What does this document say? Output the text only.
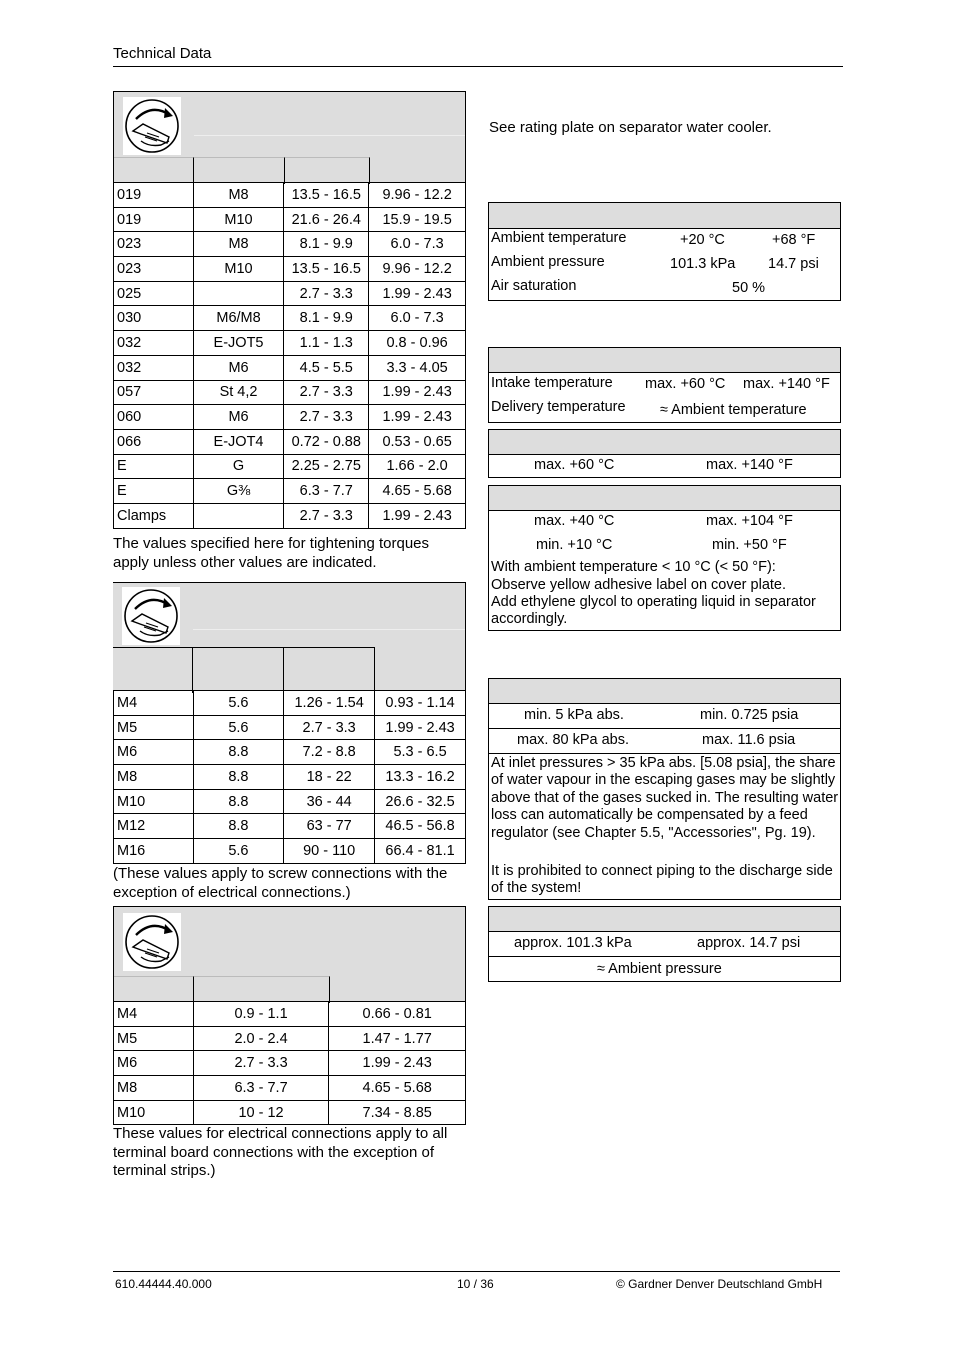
Technical Data
019	M8	13.5 - 16.5	9.96 - 12.2
019	M10	21.6 - 26.4	15.9 - 19.5
023	M8	8.1 - 9.9	6.0 - 7.3
023	M10	13.5 - 16.5	9.96 - 12.2
025		2.7 - 3.3	1.99 - 2.43
030	M6/M8	8.1 - 9.9	6.0 - 7.3
032	E-JOT5	1.1 - 1.3	0.8 - 0.96
032	M6	4.5 - 5.5	3.3 - 4.05
057	St 4,2	2.7 - 3.3	1.99 - 2.43
060	M6	2.7 - 3.3	1.99 - 2.43
066	E-JOT4	0.72 - 0.88	0.53 - 0.65
E	G	2.25 - 2.75	1.66 - 2.0
E	G⅜	6.3 - 7.7	4.65 - 5.68
Clamps		2.7 - 3.3	1.99 - 2.43
The values specified here for tightening torques apply unless other values are indicated.
M4	5.6	1.26 - 1.54	0.93 - 1.14
M5	5.6	2.7 - 3.3	1.99 - 2.43
M6	8.8	7.2 - 8.8	5.3 - 6.5
M8	8.8	18 - 22	13.3 - 16.2
M10	8.8	36 - 44	26.6 - 32.5
M12	8.8	63 - 77	46.5 - 56.8
M16	5.6	90 - 110	66.4 - 81.1
(These values apply to screw connections with the exception of electrical connections.)
M4	0.9 - 1.1	0.66 - 0.81
M5	2.0 - 2.4	1.47 - 1.77
M6	2.7 - 3.3	1.99 - 2.43
M8	6.3 - 7.7	4.65 - 5.68
M10	10 - 12	7.34 - 8.85
These values for electrical connections apply to all terminal board connections with the exception of terminal strips.)
See rating plate on separator water cooler.
Ambient temperature	+20 °C	+68 °F
Ambient pressure	101.3 kPa 14.7 psi
Air saturation	50 %
Intake temperature max. +60 °C max. +140 °F
Delivery temperature ≈ Ambient temperature
max. +60 °C	max. +140 °F
max. +40 °C	max. +104 °F
min. +10 °C	min. +50 °F
With ambient temperature < 10 °C (< 50 °F):
Observe yellow adhesive label on cover plate.
Add ethylene glycol to operating liquid in separator accordingly.
min. 5 kPa abs.	min. 0.725 psia
max. 80 kPa abs.	max. 11.6 psia
At inlet pressures > 35 kPa abs. [5.08 psia], the share of water vapour in the escaping gases may be slightly above that of the gases sucked in. The resulting water loss can automatically be compensated by a feed regulator (see Chapter 5.5, "Accessories", Pg. 19).
It is prohibited to connect piping to the discharge side of the system!
approx. 101.3 kPa	approx. 14.7 psi
≈ Ambient pressure
610.44444.40.000	10 / 36	© Gardner Denver Deutschland GmbH
